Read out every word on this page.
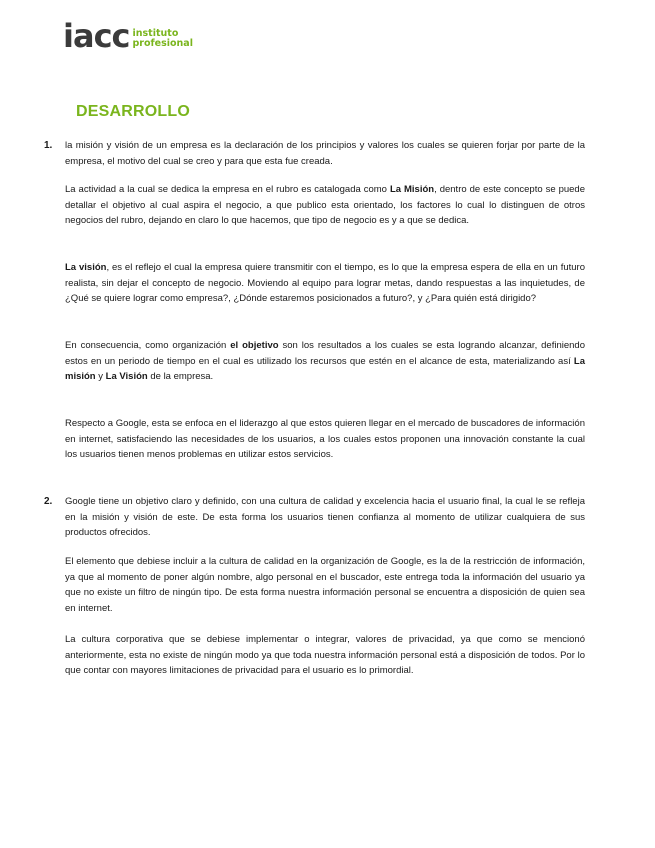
iacc instituto
profesional
DESARROLLO
1. la misión y visión de un empresa es la declaración de los principios y valores los cuales se quieren forjar por parte de la empresa, el motivo del cual se creo y para que esta fue creada.

La actividad a la cual se dedica la empresa en el rubro es catalogada como La Misión, dentro de este concepto se puede detallar el objetivo al cual aspira el negocio, a que publico esta orientado, los factores lo cual lo distinguen de otros negocios del rubro, dejando en claro lo que hacemos, que tipo de negocio es y a que se dedica.

La visión, es el reflejo el cual la empresa quiere transmitir con el tiempo, es lo que la empresa espera de ella en un futuro realista, sin dejar el concepto de negocio. Moviendo al equipo para lograr metas, dando respuestas a las inquietudes, de ¿Qué se quiere lograr como empresa?, ¿Dónde estaremos posicionados a futuro?, y ¿Para quién está dirigido?

En consecuencia, como organización el objetivo son los resultados a los cuales se esta logrando alcanzar, definiendo estos en un periodo de tiempo en el cual es utilizado los recursos que estén en el alcance de esta, materializando así La misión y La Visión de la empresa.

Respecto a Google, esta se enfoca en el liderazgo al que estos quieren llegar en el mercado de buscadores de información en internet, satisfaciendo las necesidades de los usuarios, a los cuales estos proponen una innovación constante la cual los usuarios tienen menos problemas en utilizar estos servicios.

2. Google tiene un objetivo claro y definido, con una cultura de calidad y excelencia hacia el usuario final, la cual le se refleja en la misión y visión de este. De esta forma los usuarios tienen confianza al momento de utilizar cualquiera de sus productos ofrecidos.

El elemento que debiese incluir a la cultura de calidad en la organización de Google, es la de la restricción de información, ya que al momento de poner algún nombre, algo personal en el buscador, este entrega toda la información del usuario ya que no existe un filtro de ningún tipo. De esta forma nuestra información personal se encuentra a disposición de quien sea en internet.

La cultura corporativa que se debiese implementar o integrar, valores de privacidad, ya que como se mencionó anteriormente, esta no existe de ningún modo ya que toda nuestra información personal está a disposición de todos. Por lo que contar con mayores limitaciones de privacidad para el usuario es lo primordial.
